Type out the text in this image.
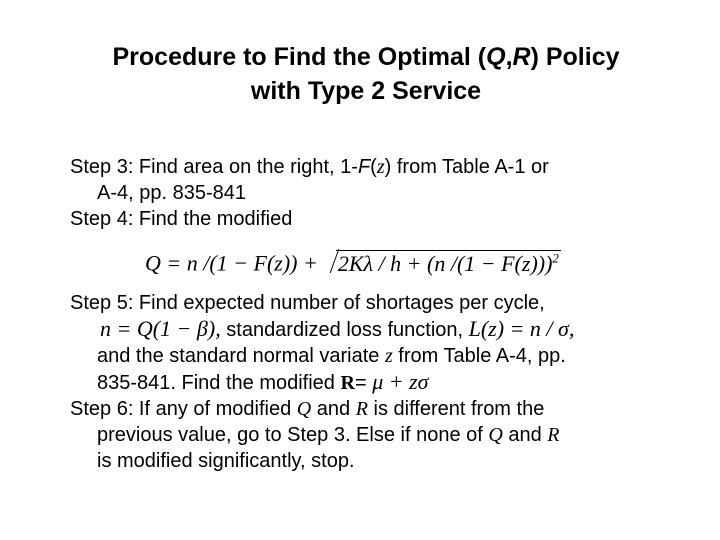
Procedure to Find the Optimal (Q,R) Policy
with Type 2 Service
Step 3: Find area on the right, 1-F(z) from Table A-1 or
A-4, pp. 835-841
Step 4: Find the modified
Q = n /(1 − F(z)) + 2Kλ / h + (n /(1 − F(z)))$^2$
Step 5: Find expected number of shortages per cycle,
n = Q(1 − β), standardized loss function, L(z) = n / σ,
and the standard normal variate z from Table A-4, pp.
835-841. Find the modified R= μ + zσ
Step 6: If any of modified Q and R is different from the
previous value, go to Step 3. Else if none of Q and R
is modified significantly, stop.
